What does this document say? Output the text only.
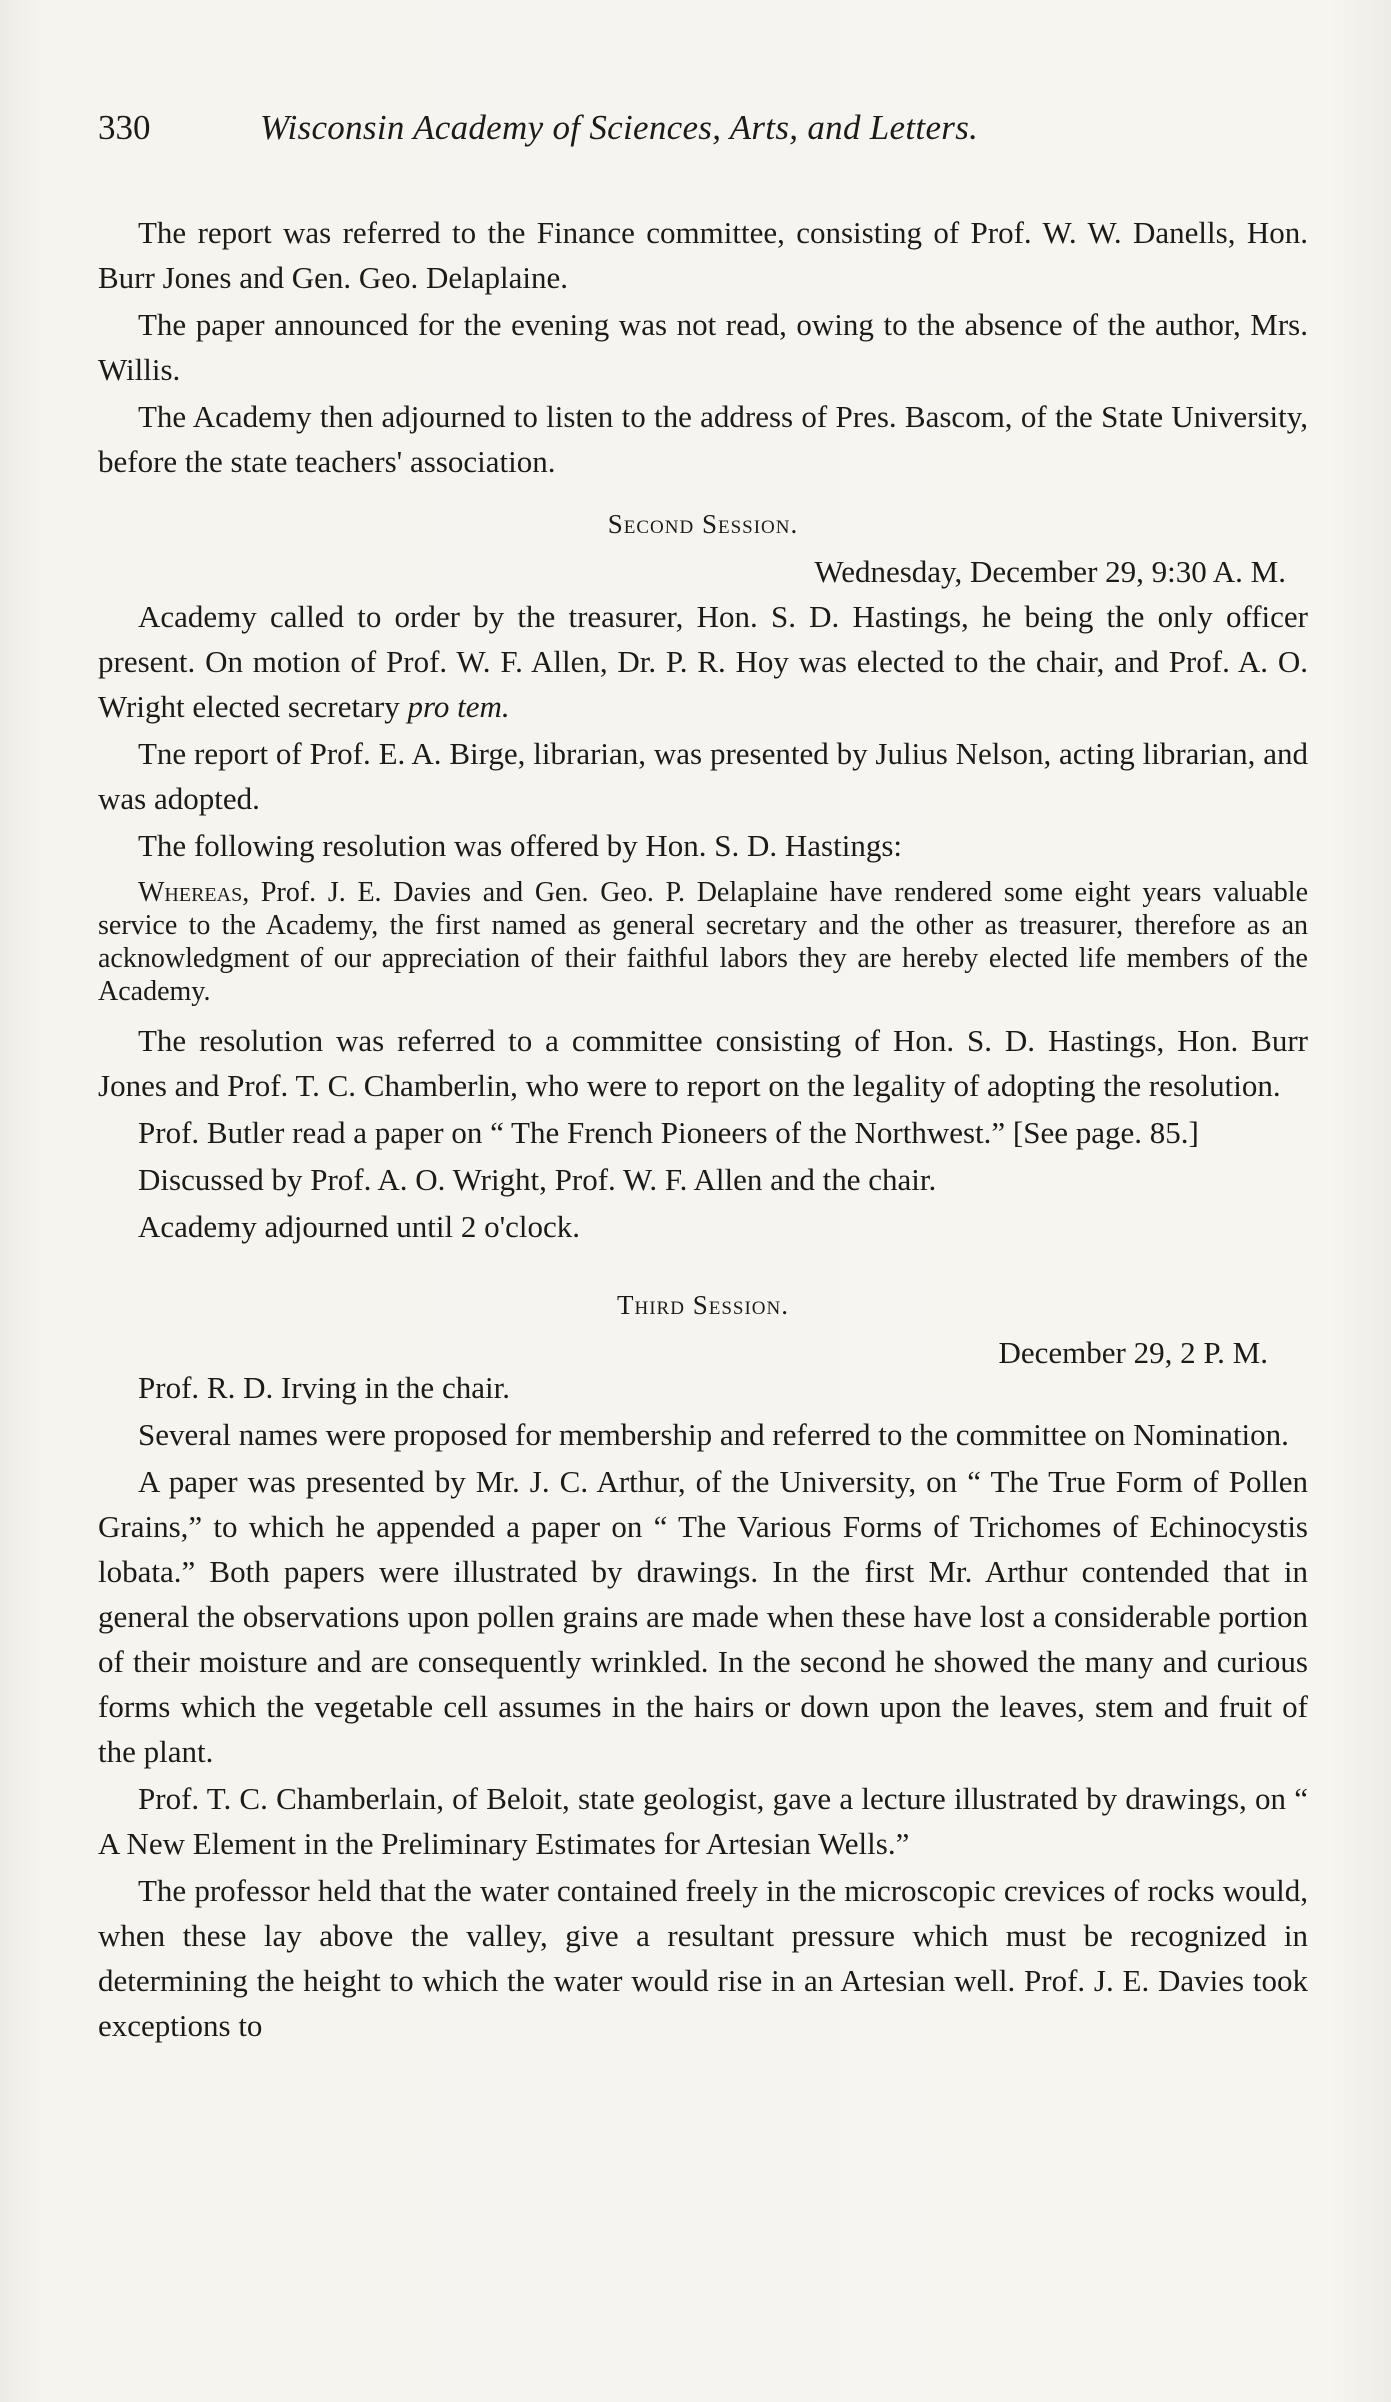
330	Wisconsin Academy of Sciences, Arts, and Letters.

The report was referred to the Finance committee, consisting of Prof. W. W. Danells, Hon. Burr Jones and Gen. Geo. Delaplaine.

The paper announced for the evening was not read, owing to the absence of the author, Mrs. Willis.

The Academy then adjourned to listen to the address of Pres. Bascom, of the State University, before the state teachers' association.

Second Session.

Wednesday, December 29, 9:30 A. M.

Academy called to order by the treasurer, Hon. S. D. Hastings, he being the only officer present. On motion of Prof. W. F. Allen, Dr. P. R. Hoy was elected to the chair, and Prof. A. O. Wright elected secretary pro tem.

Tne report of Prof. E. A. Birge, librarian, was presented by Julius Nelson, acting librarian, and was adopted.

The following resolution was offered by Hon. S. D. Hastings:

Whereas, Prof. J. E. Davies and Gen. Geo. P. Delaplaine have rendered some eight years valuable service to the Academy, the first named as general secretary and the other as treasurer, therefore as an acknowledgment of our appreciation of their faithful labors they are hereby elected life members of the Academy.

The resolution was referred to a committee consisting of Hon. S. D. Hastings, Hon. Burr Jones and Prof. T. C. Chamberlin, who were to report on the legality of adopting the resolution.

Prof. Butler read a paper on “ The French Pioneers of the Northwest.” [See page. 85.]

Discussed by Prof. A. O. Wright, Prof. W. F. Allen and the chair.

Academy adjourned until 2 o'clock.

Third Session.

December 29, 2 P. M.

Prof. R. D. Irving in the chair.

Several names were proposed for membership and referred to the committee on Nomination.

A paper was presented by Mr. J. C. Arthur, of the University, on “ The True Form of Pollen Grains,” to which he appended a paper on “ The Various Forms of Trichomes of Echinocystis lobata.” Both papers were illustrated by drawings. In the first Mr. Arthur contended that in general the observations upon pollen grains are made when these have lost a considerable portion of their moisture and are consequently wrinkled. In the second he showed the many and curious forms which the vegetable cell assumes in the hairs or down upon the leaves, stem and fruit of the plant.

Prof. T. C. Chamberlain, of Beloit, state geologist, gave a lecture illustrated by drawings, on “ A New Element in the Preliminary Estimates for Artesian Wells.”

The professor held that the water contained freely in the microscopic crevices of rocks would, when these lay above the valley, give a resultant pressure which must be recognized in determining the height to which the water would rise in an Artesian well. Prof. J. E. Davies took exceptions to
